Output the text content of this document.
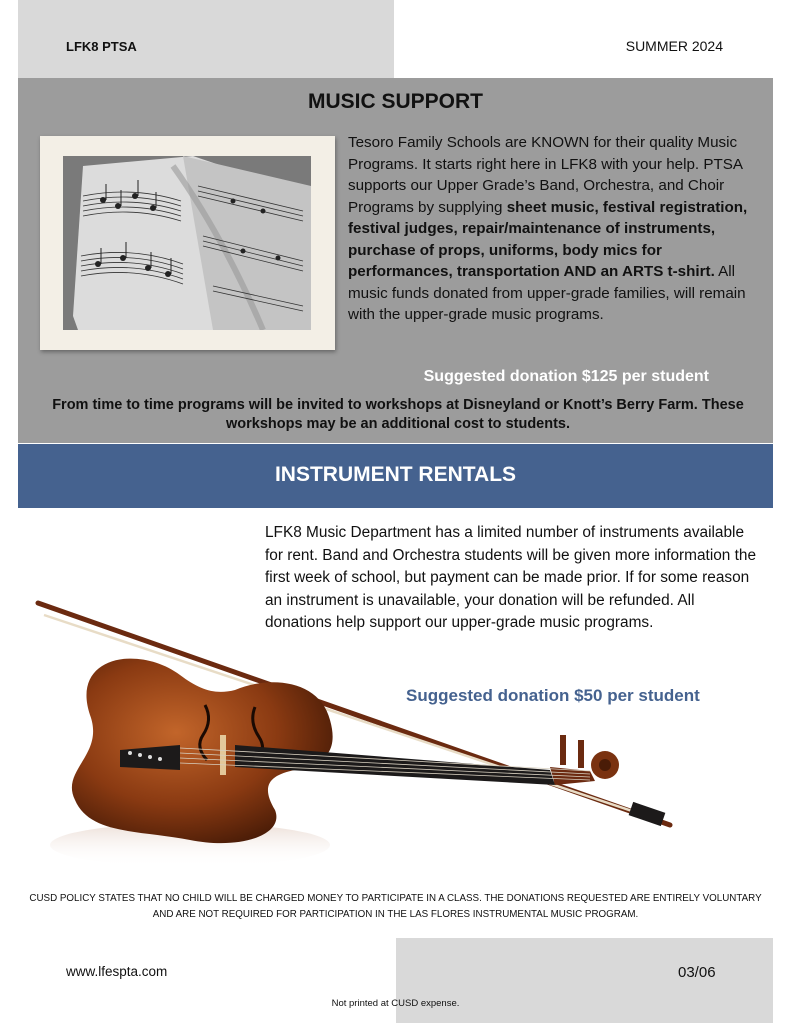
LFK8 PTSA	SUMMER 2024
MUSIC SUPPORT
Tesoro Family Schools are KNOWN for their quality Music Programs. It starts right here in LFK8 with your help. PTSA supports our Upper Grade’s Band, Orchestra, and Choir Programs by supplying sheet music, festival registration, festival judges, repair/maintenance of instruments, purchase of props, uniforms, body mics for performances, transportation AND an ARTS t-shirt. All music funds donated from upper-grade families, will remain with the upper-grade music programs.
Suggested donation $125 per student
From time to time programs will be invited to workshops at Disneyland or Knott’s Berry Farm. These workshops may be an additional cost to students.
INSTRUMENT RENTALS
LFK8 Music Department has a limited number of instruments available for rent. Band and Orchestra students will be given more information the first week of school, but payment can be made prior. If for some reason an instrument is unavailable, your donation will be refunded. All donations help support our upper-grade music programs.
Suggested donation $50 per student
CUSD POLICY STATES THAT NO CHILD WILL BE CHARGED MONEY TO PARTICIPATE IN A CLASS. THE DONATIONS REQUESTED ARE ENTIRELY VOLUNTARY AND ARE NOT REQUIRED FOR PARTICIPATION IN THE LAS FLORES INSTRUMENTAL MUSIC PROGRAM.
www.lfespta.com	03/06
Not printed at CUSD expense.
